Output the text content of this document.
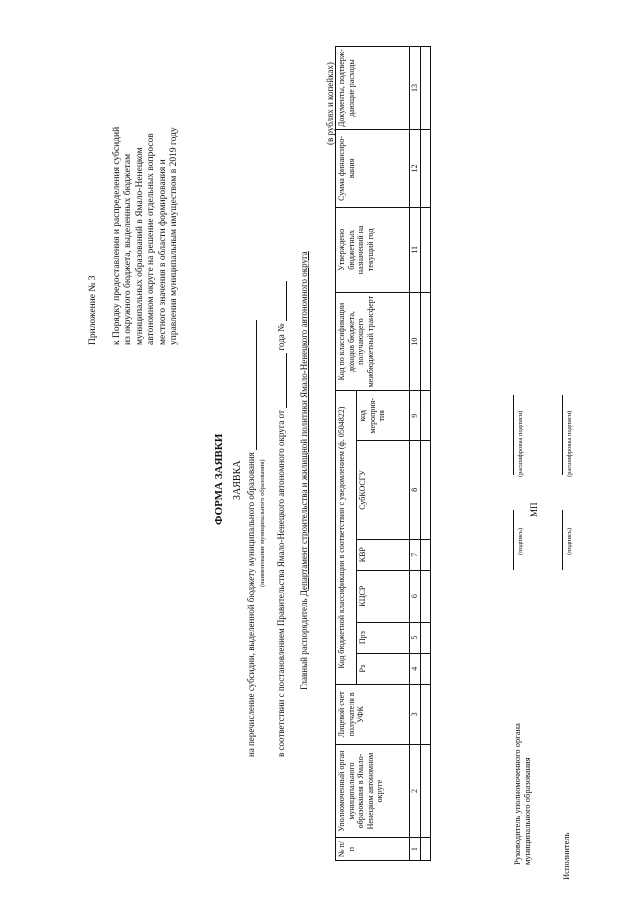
Приложение № 3 к Порядку предоставления и распределения субсидий из окружного бюджета, выделенных бюджетам муниципальных образований в Ямало-Ненецком автономном округе на решение отдельных вопросов местного значения в области формирования и управления муниципальным имуществом в 2019 году
ФОРМА ЗАЯВКИ ЗАЯВКА на перечисление субсидии, выделенной бюджету муниципального образования (наименование муниципального образования)	в соответствии с постановлением Правительства Ямало-Ненецкого автономного округа от  года №
Главный распорядитель Департамент строительства и жилищной политики Ямало-Ненецкого автономного округа
(в рублях и копейках)
№ п/п	Уполномоченный орган муниципального образования в Ямало-Ненецком автономном округе	Лицевой счет получателя в УФК	Код бюджетной классификации в соответствии с уведомлением (ф. 0504822)						Код по классификации доходов бюджета, получающего межбюджетный трансферт	Утверждено бюджетных назначений на текущий год	Сумма финансиро-вания	Документы, подтверж-дающие расходы
			Рз	Прз	КЦСР	КВР	СубКОСГУ	код мероприя-тия				
1	2	3	4	5	6	7	8	9	10	11	12	13

Руководитель уполномоченного органа
муниципального образования
(подпись)
(расшифровка подписи)
МП
Исполнитель
(подпись)
(расшифровка подписи)
